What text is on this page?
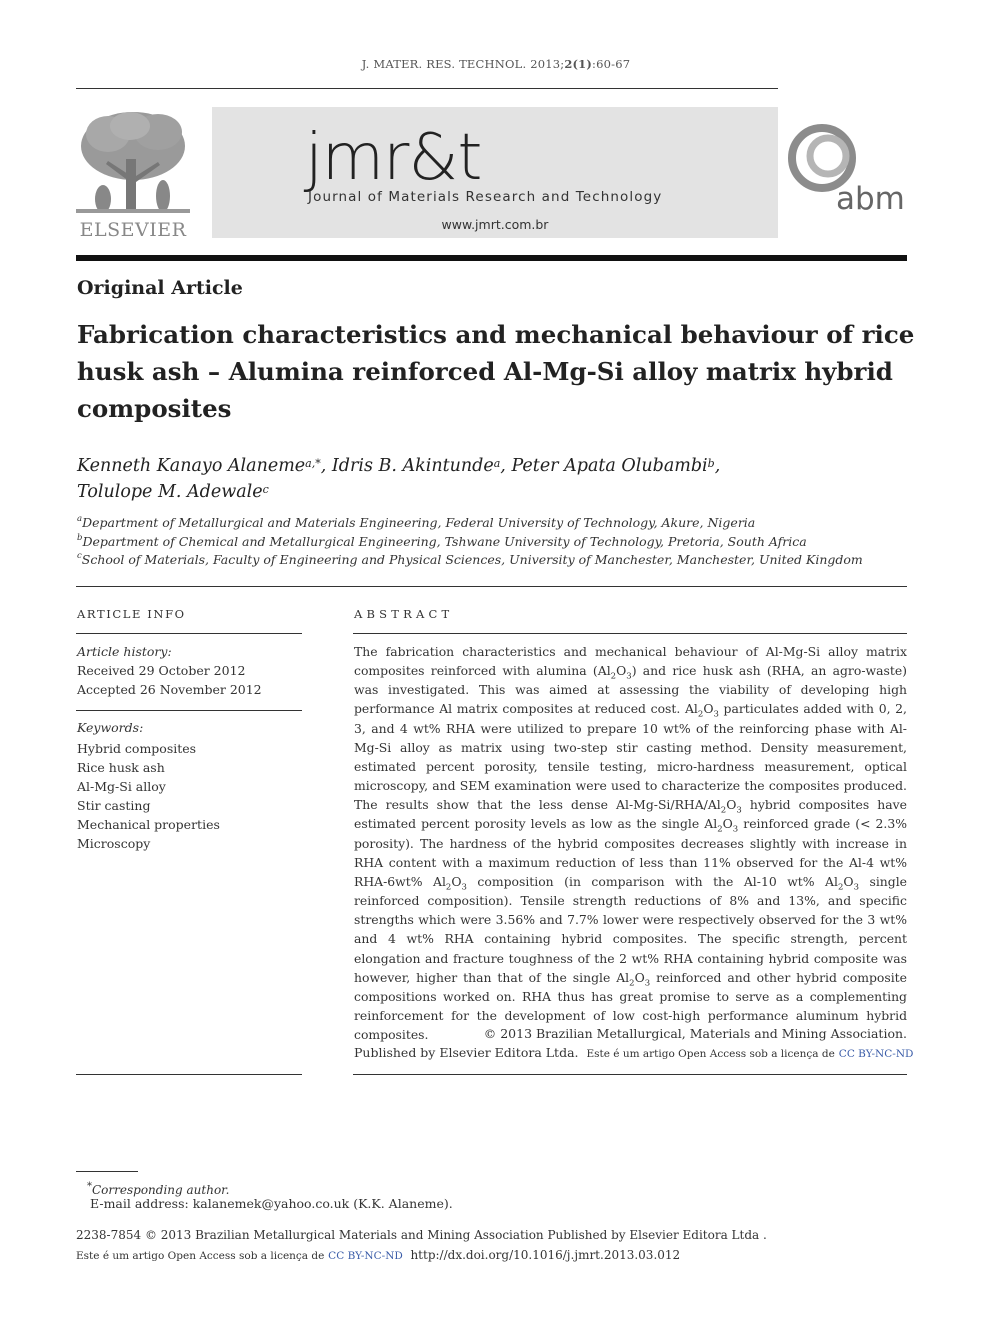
J. MATER. RES. TECHNOL. 2013;2(1):60-67
ELSEVIER
jmr&t
Journal of Materials Research and Technology
www.jmrt.com.br
abm
Original Article
Fabrication characteristics and mechanical behaviour of rice husk ash – Alumina reinforced Al-Mg-Si alloy matrix hybrid composites
Kenneth Kanayo Alaneme$^{a,*}$, Idris B. Akintunde$^a$, Peter Apata Olubambi$^b$,
Tolulope M. Adewale$^c$
$^a$Department of Metallurgical and Materials Engineering, Federal University of Technology, Akure, Nigeria
$^b$Department of Chemical and Metallurgical Engineering, Tshwane University of Technology, Pretoria, South Africa
$^c$School of Materials, Faculty of Engineering and Physical Sciences, University of Manchester, Manchester, United Kingdom
ARTICLE INFO
Article history:
Received 29 October 2012
Accepted 26 November 2012
Keywords:
Hybrid composites
Rice husk ash
Al-Mg-Si alloy
Stir casting
Mechanical properties
Microscopy
ABSTRACT

The fabrication characteristics and mechanical behaviour of Al-Mg-Si alloy matrix composites reinforced with alumina $(Al_2O_3)$ and rice husk ash (RHA, an agro-waste) was investigated. This was aimed at assessing the viability of developing high performance Al matrix composites at reduced cost. $Al_2O_3$ particulates added with 0, 2, 3, and 4 wt% RHA were utilized to prepare 10 wt% of the reinforcing phase with Al-Mg-Si alloy as matrix using two-step stir casting method. Density measurement, estimated percent porosity, tensile testing, micro-hardness measurement, optical microscopy, and SEM examination were used to characterize the composites produced. The results show that the less dense $Al-Mg-Si/RHA/Al_2O_3$ hybrid composites have estimated percent porosity levels as low as the single $Al_2O_3$ reinforced grade (< 2.3% porosity). The hardness of the hybrid composites decreases slightly with increase in RHA content with a maximum reduction of less than 11% observed for the Al-4 wt% RHA-6wt% $Al_2O_3$ composition (in comparison with the Al-10 wt% $Al_2O_3$ single reinforced composition). Tensile strength reductions of 8% and 13%, and specific strengths which were 3.56% and 7.7% lower were respectively observed for the 3 wt% and 4 wt% RHA containing hybrid composites. The specific strength, percent elongation and fracture toughness of the 2 wt% RHA containing hybrid composite was however, higher than that of the single $Al_2O_3$ reinforced and other hybrid composite compositions worked on. RHA thus has great promise to serve as a complementing reinforcement for the development of low cost-high performance aluminum hybrid composites.	© 2013 Brazilian Metallurgical, Materials and Mining Association.
Published by Elsevier Editora Ltda. Este é um artigo Open Access sob a licença de CC BY-NC-ND
*Corresponding author.
E-mail address: kalanemek@yahoo.co.uk (K.K. Alaneme).
2238-7854 © 2013 Brazilian Metallurgical Materials and Mining Association Published by Elsevier Editora Ltda .
Este é um artigo Open Access sob a licença de CC BY-NC-ND http://dx.doi.org/10.1016/j.jmrt.2013.03.012
